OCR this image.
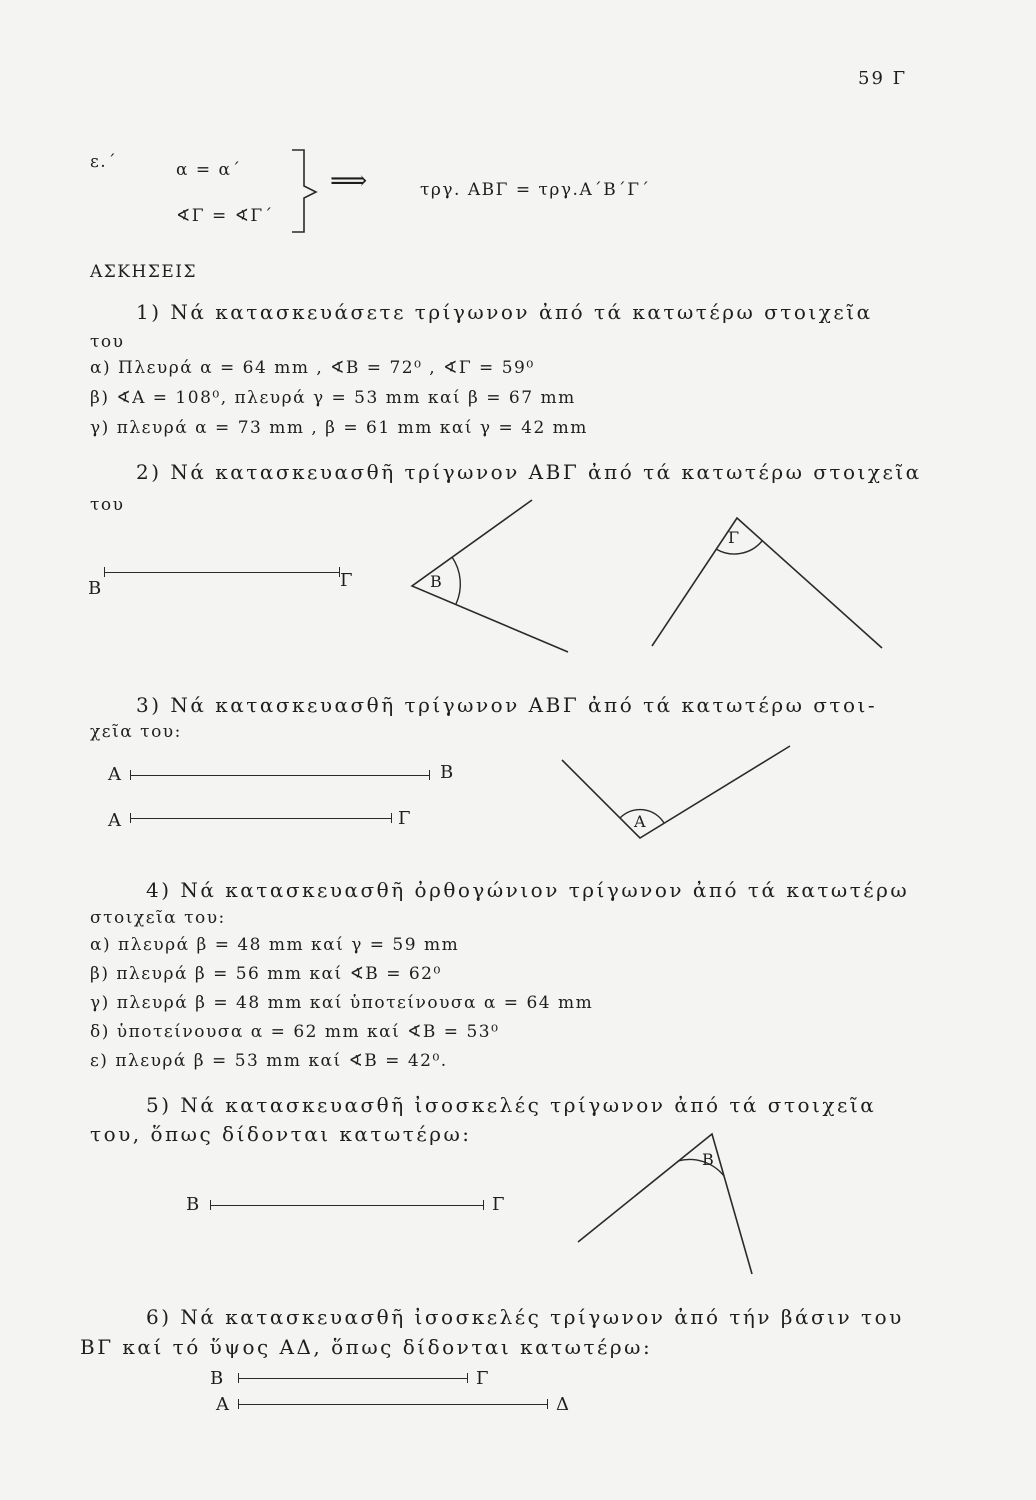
59 Γ
ε.΄	α = α΄
∢Γ = ∢Γ΄
⟹	τργ. ΑΒΓ = τργ.Α΄Β΄Γ΄
ΑΣΚΗΣΕΙΣ
1) Νά κατασκευάσετε τρίγωνον ἀπό τά κατωτέρω στοιχεῖα
του
α) Πλευρά α = 64 mm , ∢Β = 72⁰ , ∢Γ = 59⁰
β) ∢Α = 108⁰, πλευρά γ = 53 mm καί β = 67 mm
γ) πλευρά α = 73 mm , β = 61 mm καί γ = 42 mm
2) Νά κατασκευασθῆ τρίγωνον ΑΒΓ ἀπό τά κατωτέρω στοιχεῖα
του
Β	Γ	Β
Γ
3) Νά κατασκευασθῆ τρίγωνον ΑΒΓ ἀπό τά κατωτέρω στοι-
χεῖα του:
Α	Β
Α	Γ	Α
4) Νά κατασκευασθῆ ὀρθογώνιον τρίγωνον ἀπό τά κατωτέρω
στοιχεῖα του:
α) πλευρά β = 48 mm καί γ = 59 mm
β) πλευρά β = 56 mm καί ∢Β = 62⁰
γ) πλευρά β = 48 mm καί ὑποτείνουσα α = 64 mm
δ) ὑποτείνουσα α = 62 mm καί ∢Β = 53⁰
ε) πλευρά β = 53 mm καί ∢Β = 42⁰.
5) Νά κατασκευασθῆ ἰσοσκελές τρίγωνον ἀπό τά στοιχεῖα
του, ὅπως δίδονται κατωτέρω:
Β	Γ
Β
6) Νά κατασκευασθῆ ἰσοσκελές τρίγωνον ἀπό τήν βάσιν του
ΒΓ καί τό ὕψος ΑΔ, ὅπως δίδονται κατωτέρω:
Β	Γ
Α	Δ
